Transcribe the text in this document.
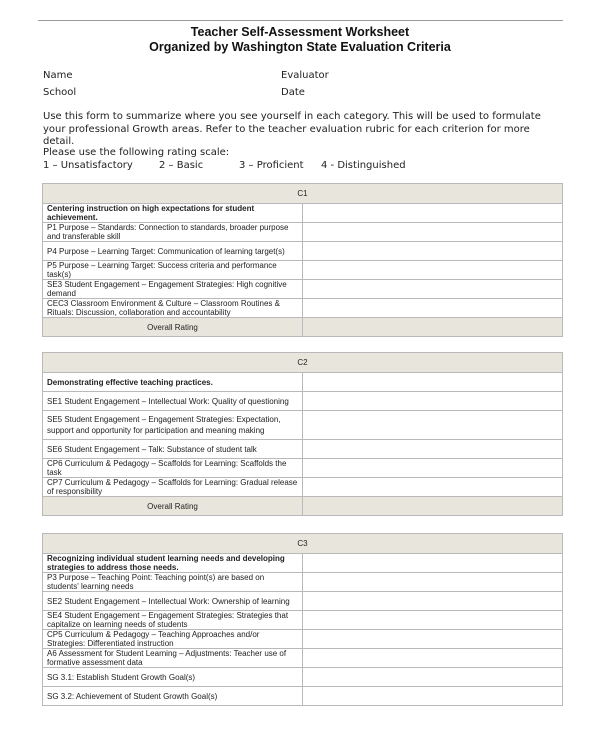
Teacher Self-Assessment Worksheet
Organized by Washington State Evaluation Criteria
Name	Evaluator
School	Date
Use this form to summarize where you see yourself in each category. This will be used to formulate your professional Growth areas. Refer to the teacher evaluation rubric for each criterion for more detail.
Please use the following rating scale:
1 – Unsatisfactory	2 – Basic	3 – Proficient 4 - Distinguished
C1	
Centering instruction on high expectations for student achievement.	
P1 Purpose – Standards: Connection to standards, broader purpose and transferable skill	
P4 Purpose – Learning Target: Communication of learning target(s)	
P5 Purpose – Learning Target: Success criteria and performance task(s)	
SE3 Student Engagement – Engagement Strategies: High cognitive demand	
CEC3 Classroom Environment & Culture – Classroom Routines & Rituals: Discussion, collaboration and accountability	
Overall Rating	
C2	
Demonstrating effective teaching practices.	
SE1 Student Engagement – Intellectual Work: Quality of questioning	
SE5 Student Engagement – Engagement Strategies: Expectation, support and opportunity for participation and meaning making	
SE6 Student Engagement – Talk: Substance of student talk	
CP6 Curriculum & Pedagogy – Scaffolds for Learning: Scaffolds the task	
CP7 Curriculum & Pedagogy – Scaffolds for Learning: Gradual release of responsibility	
Overall Rating	
C3	
Recognizing individual student learning needs and developing strategies to address those needs.	
P3 Purpose – Teaching Point: Teaching point(s) are based on students' learning needs	
SE2 Student Engagement – Intellectual Work: Ownership of learning	
SE4 Student Engagement – Engagement Strategies: Strategies that capitalize on learning needs of students	
CP5 Curriculum & Pedagogy – Teaching Approaches and/or Strategies: Differentiated instruction	
A6 Assessment for Student Learning – Adjustments: Teacher use of formative assessment data	
SG 3.1: Establish Student Growth Goal(s)	
SG 3.2: Achievement of Student Growth Goal(s)	
